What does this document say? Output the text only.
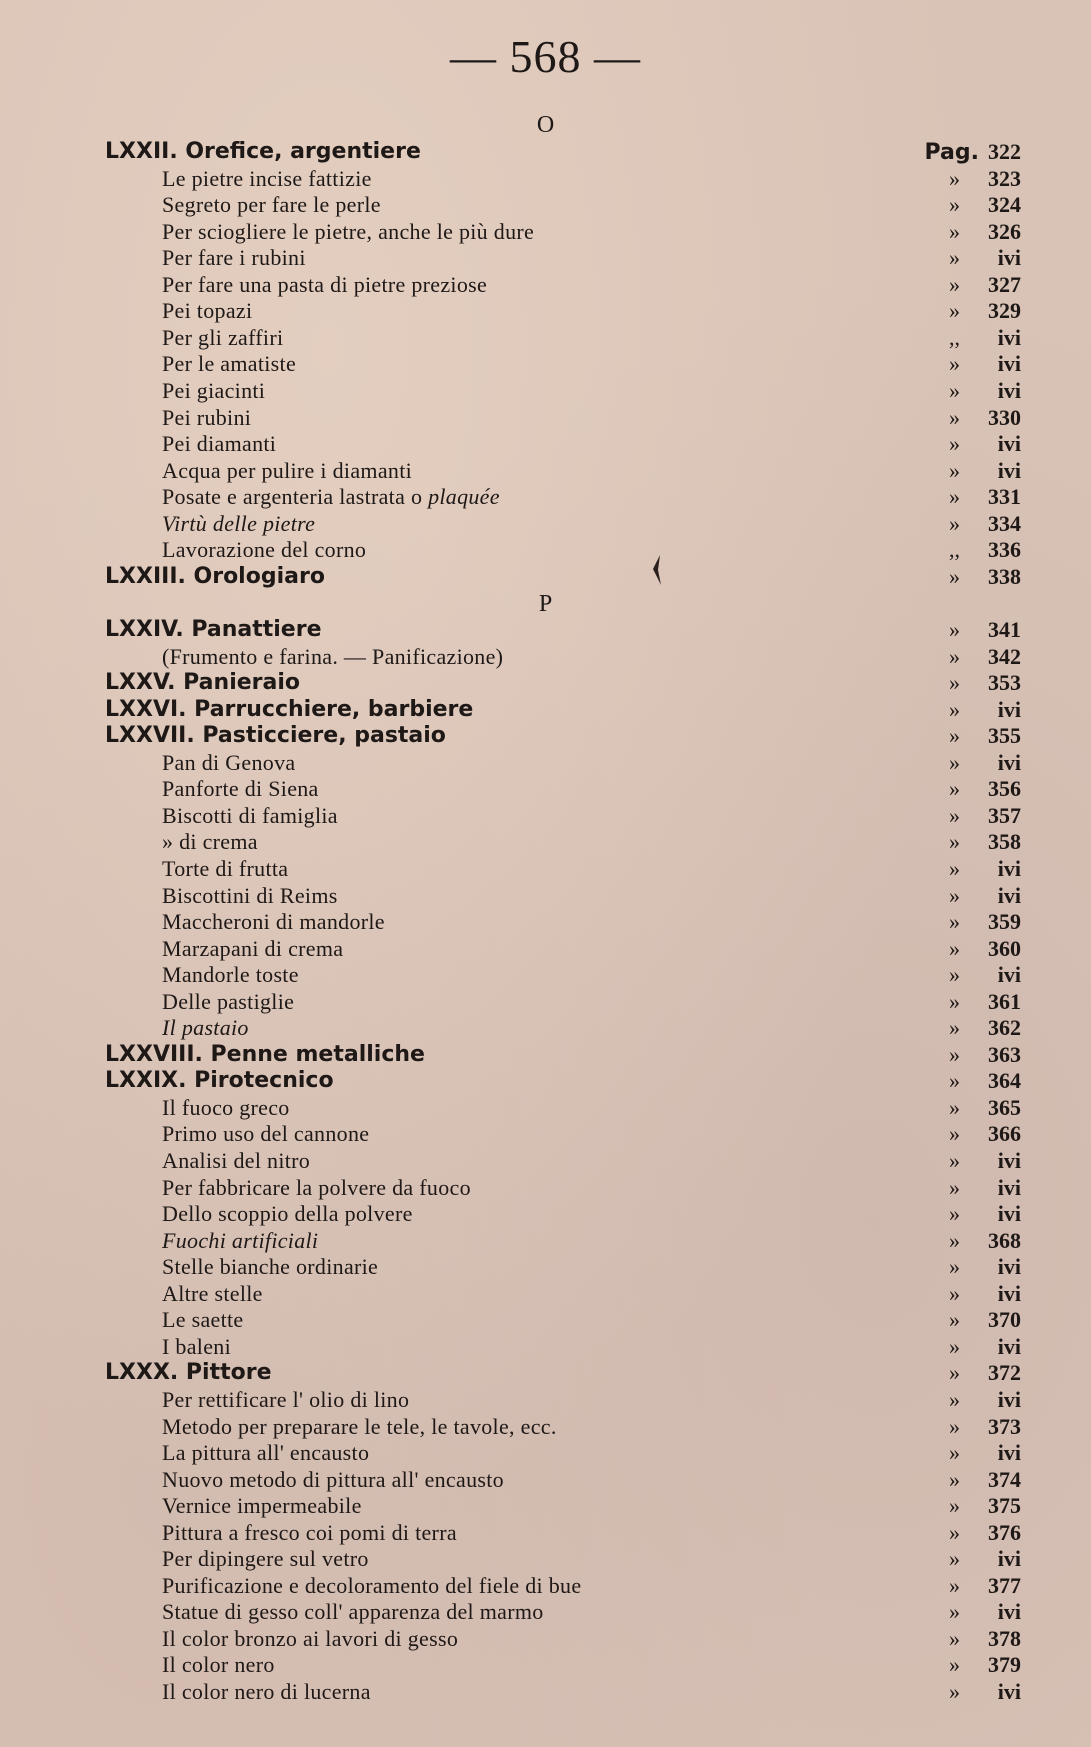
— 568 —
O
LXXII. Orefice, argentiere	Pag. 322
Le pietre incise fattizie	» 323
Segreto per fare le perle	» 324
Per sciogliere le pietre, anche le più dure	» 326
Per fare i rubini	» ivi
Per fare una pasta di pietre preziose	» 327
Pei topazi	» 329
Per gli zaffiri	,, ivi
Per le amatiste	» ivi
Pei giacinti	» ivi
Pei rubini	» 330
Pei diamanti	» ivi
Acqua per pulire i diamanti	» ivi
Posate e argenteria lastrata o plaquée	» 331
Virtù delle pietre	» 334
Lavorazione del corno	,, 336
LXXIII. Orologiaro	» 338
P
LXXIV. Panattiere	» 341
(Frumento e farina. — Panificazione)	» 342
LXXV. Panieraio	» 353
LXXVI. Parrucchiere, barbiere	» ivi
LXXVII. Pasticciere, pastaio	» 355
Pan di Genova	» ivi
Panforte di Siena	» 356
Biscotti di famiglia	» 357
» di crema	» 358
Torte di frutta	» ivi
Biscottini di Reims	» ivi
Maccheroni di mandorle	» 359
Marzapani di crema	» 360
Mandorle toste	» ivi
Delle pastiglie	» 361
Il pastaio	» 362
LXXVIII. Penne metalliche	» 363
LXXIX. Pirotecnico	» 364
Il fuoco greco	» 365
Primo uso del cannone	» 366
Analisi del nitro	» ivi
Per fabbricare la polvere da fuoco	» ivi
Dello scoppio della polvere	» ivi
Fuochi artificiali	» 368
Stelle bianche ordinarie	» ivi
Altre stelle	» ivi
Le saette	» 370
I baleni	» ivi
LXXX. Pittore	» 372
Per rettificare l' olio di lino	» ivi
Metodo per preparare le tele, le tavole, ecc.	» 373
La pittura all' encausto	» ivi
Nuovo metodo di pittura all' encausto	» 374
Vernice impermeabile	» 375
Pittura a fresco coi pomi di terra	» 376
Per dipingere sul vetro	» ivi
Purificazione e decoloramento del fiele di bue	» 377
Statue di gesso coll' apparenza del marmo	» ivi
Il color bronzo ai lavori di gesso	» 378
Il color nero	» 379
Il color nero di lucerna	» ivi
